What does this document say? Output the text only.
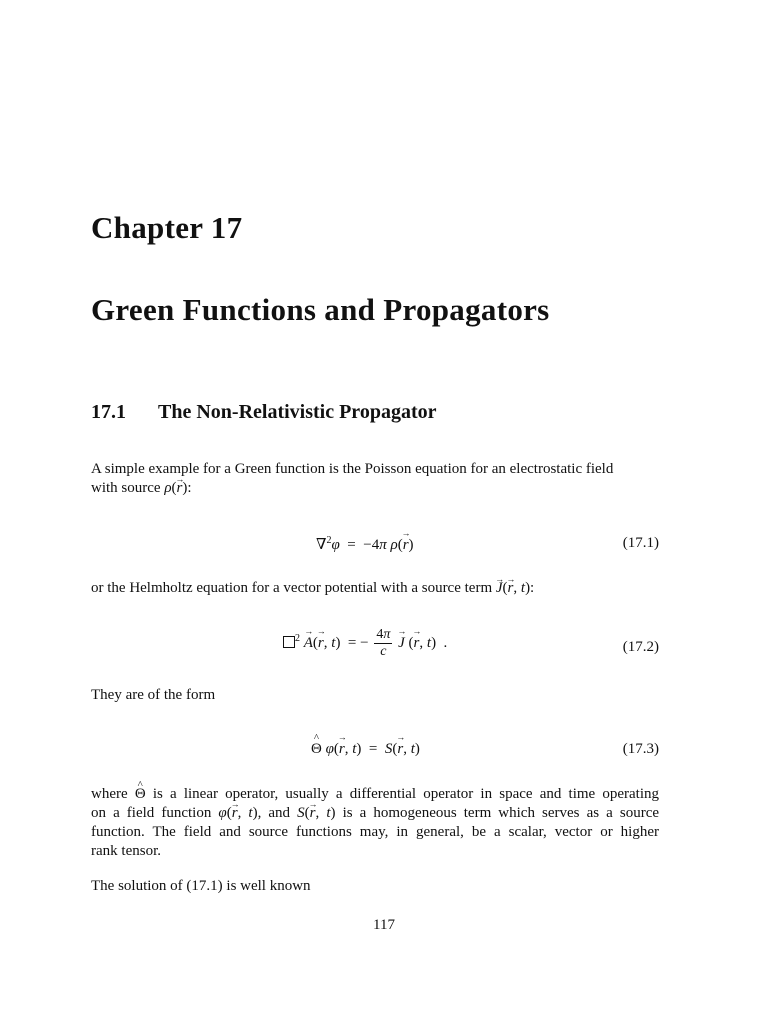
Chapter 17
Green Functions and Propagators
17.1 The Non-Relativistic Propagator
A simple example for a Green function is the Poisson equation for an electrostatic field
with source ρ(r →):
∇$^2$φ  =  −4π ρ(r →)	(17.1)
or the Helmholtz equation for a vector potential with a source term J →(r →, t):
$^2$ A →(r →, t)  = − $\frac{4\pi}{c}$ J → (r →, t)  .	(17.2)
They are of the form
Θ ^ φ(r →, t)  =  S(r →, t)	(17.3)
where Θ ^ is a linear operator, usually a differential operator in space and time operating
on a field function φ(r →, t), and S(r →, t) is a homogeneous term which serves as a source
function. The field and source functions may, in general, be a scalar, vector or higher
rank tensor.
The solution of (17.1) is well known
117
